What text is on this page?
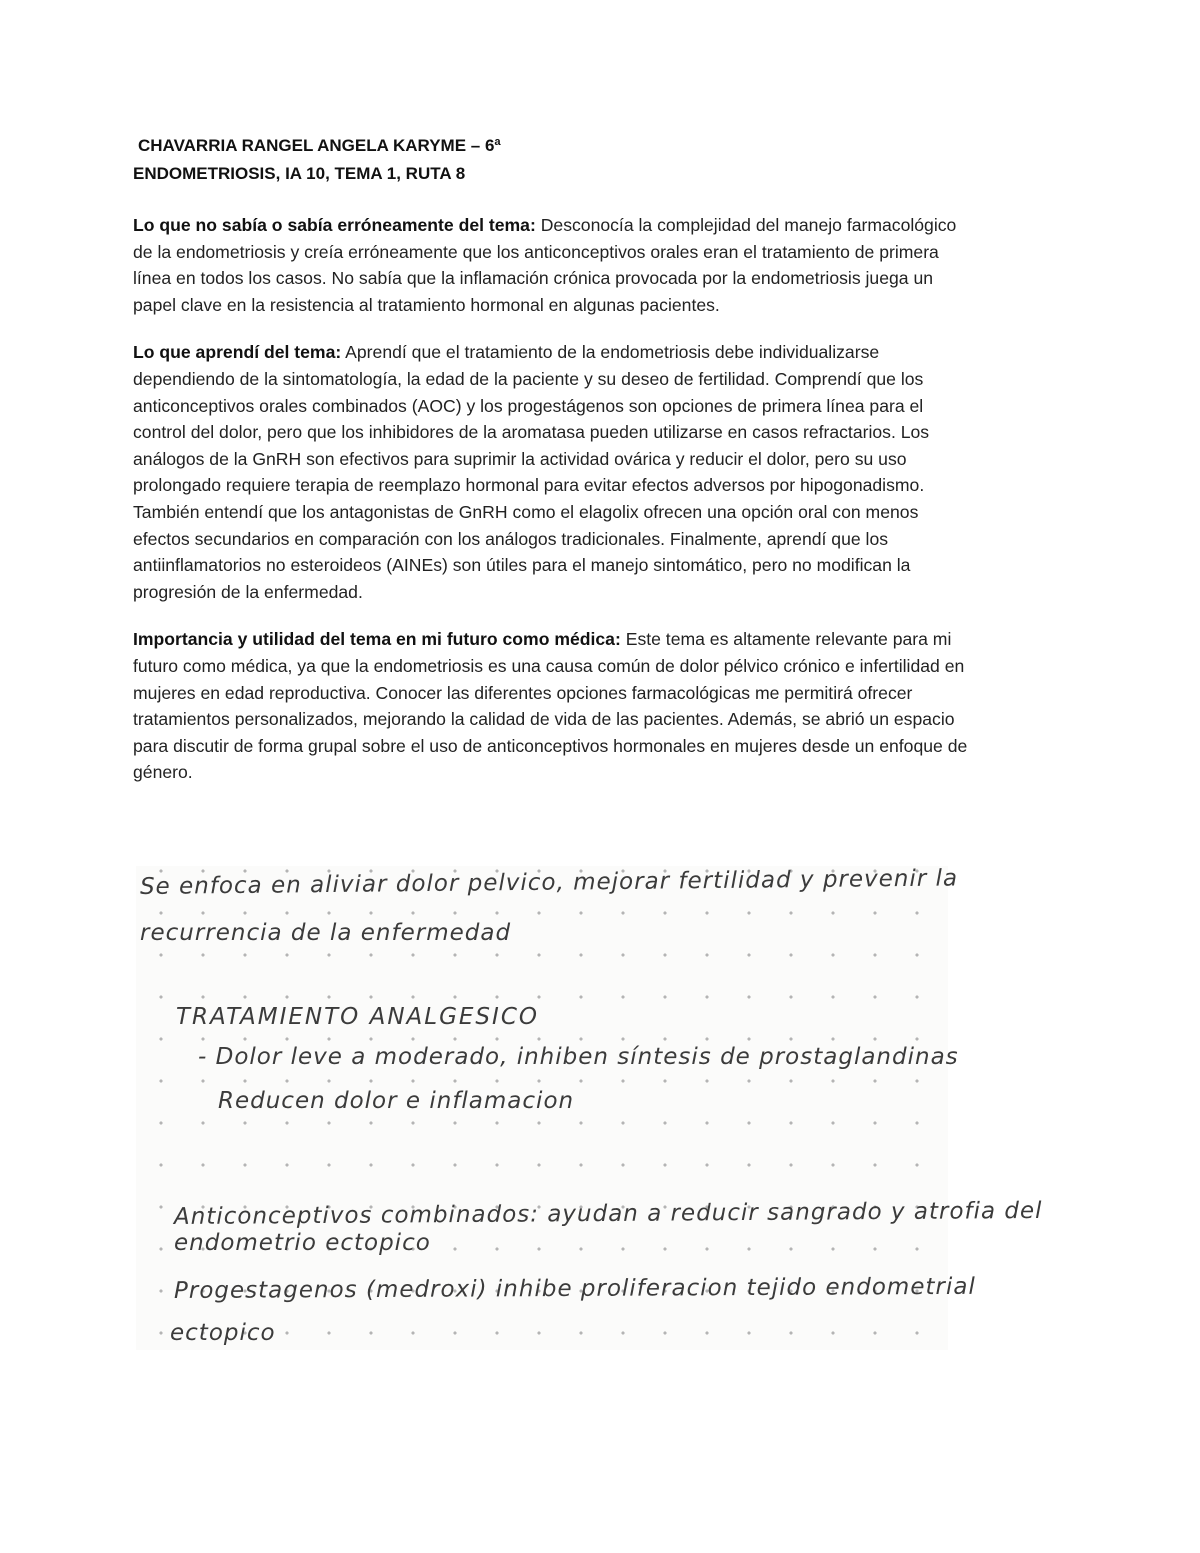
CHAVARRIA RANGEL ANGELA KARYME – 6ª
ENDOMETRIOSIS, IA 10, TEMA 1, RUTA 8

Lo que no sabía o sabía erróneamente del tema: Desconocía la complejidad del manejo farmacológico de la endometriosis y creía erróneamente que los anticonceptivos orales eran el tratamiento de primera línea en todos los casos. No sabía que la inflamación crónica provocada por la endometriosis juega un papel clave en la resistencia al tratamiento hormonal en algunas pacientes.

Lo que aprendí del tema: Aprendí que el tratamiento de la endometriosis debe individualizarse dependiendo de la sintomatología, la edad de la paciente y su deseo de fertilidad. Comprendí que los anticonceptivos orales combinados (AOC) y los progestágenos son opciones de primera línea para el control del dolor, pero que los inhibidores de la aromatasa pueden utilizarse en casos refractarios. Los análogos de la GnRH son efectivos para suprimir la actividad ovárica y reducir el dolor, pero su uso prolongado requiere terapia de reemplazo hormonal para evitar efectos adversos por hipogonadismo. También entendí que los antagonistas de GnRH como el elagolix ofrecen una opción oral con menos efectos secundarios en comparación con los análogos tradicionales. Finalmente, aprendí que los antiinflamatorios no esteroideos (AINEs) son útiles para el manejo sintomático, pero no modifican la progresión de la enfermedad.

Importancia y utilidad del tema en mi futuro como médica: Este tema es altamente relevante para mi futuro como médica, ya que la endometriosis es una causa común de dolor pélvico crónico e infertilidad en mujeres en edad reproductiva. Conocer las diferentes opciones farmacológicas me permitirá ofrecer tratamientos personalizados, mejorando la calidad de vida de las pacientes. Además, se abrió un espacio para discutir de forma grupal sobre el uso de anticonceptivos hormonales en mujeres desde un enfoque de género.

Se enfoca en aliviar dolor pelvico, mejorar fertilidad y prevenir la
recurrencia de la enfermedad
TRATAMIENTO ANALGESICO
- Dolor leve a moderado, inhiben síntesis de prostaglandinas
Reducen dolor e inflamacion
Anticonceptivos combinados: ayudan a reducir sangrado y atrofia del
endometrio ectopico
Progestagenos (medroxi) inhibe proliferacion tejido endometrial
ectopico
